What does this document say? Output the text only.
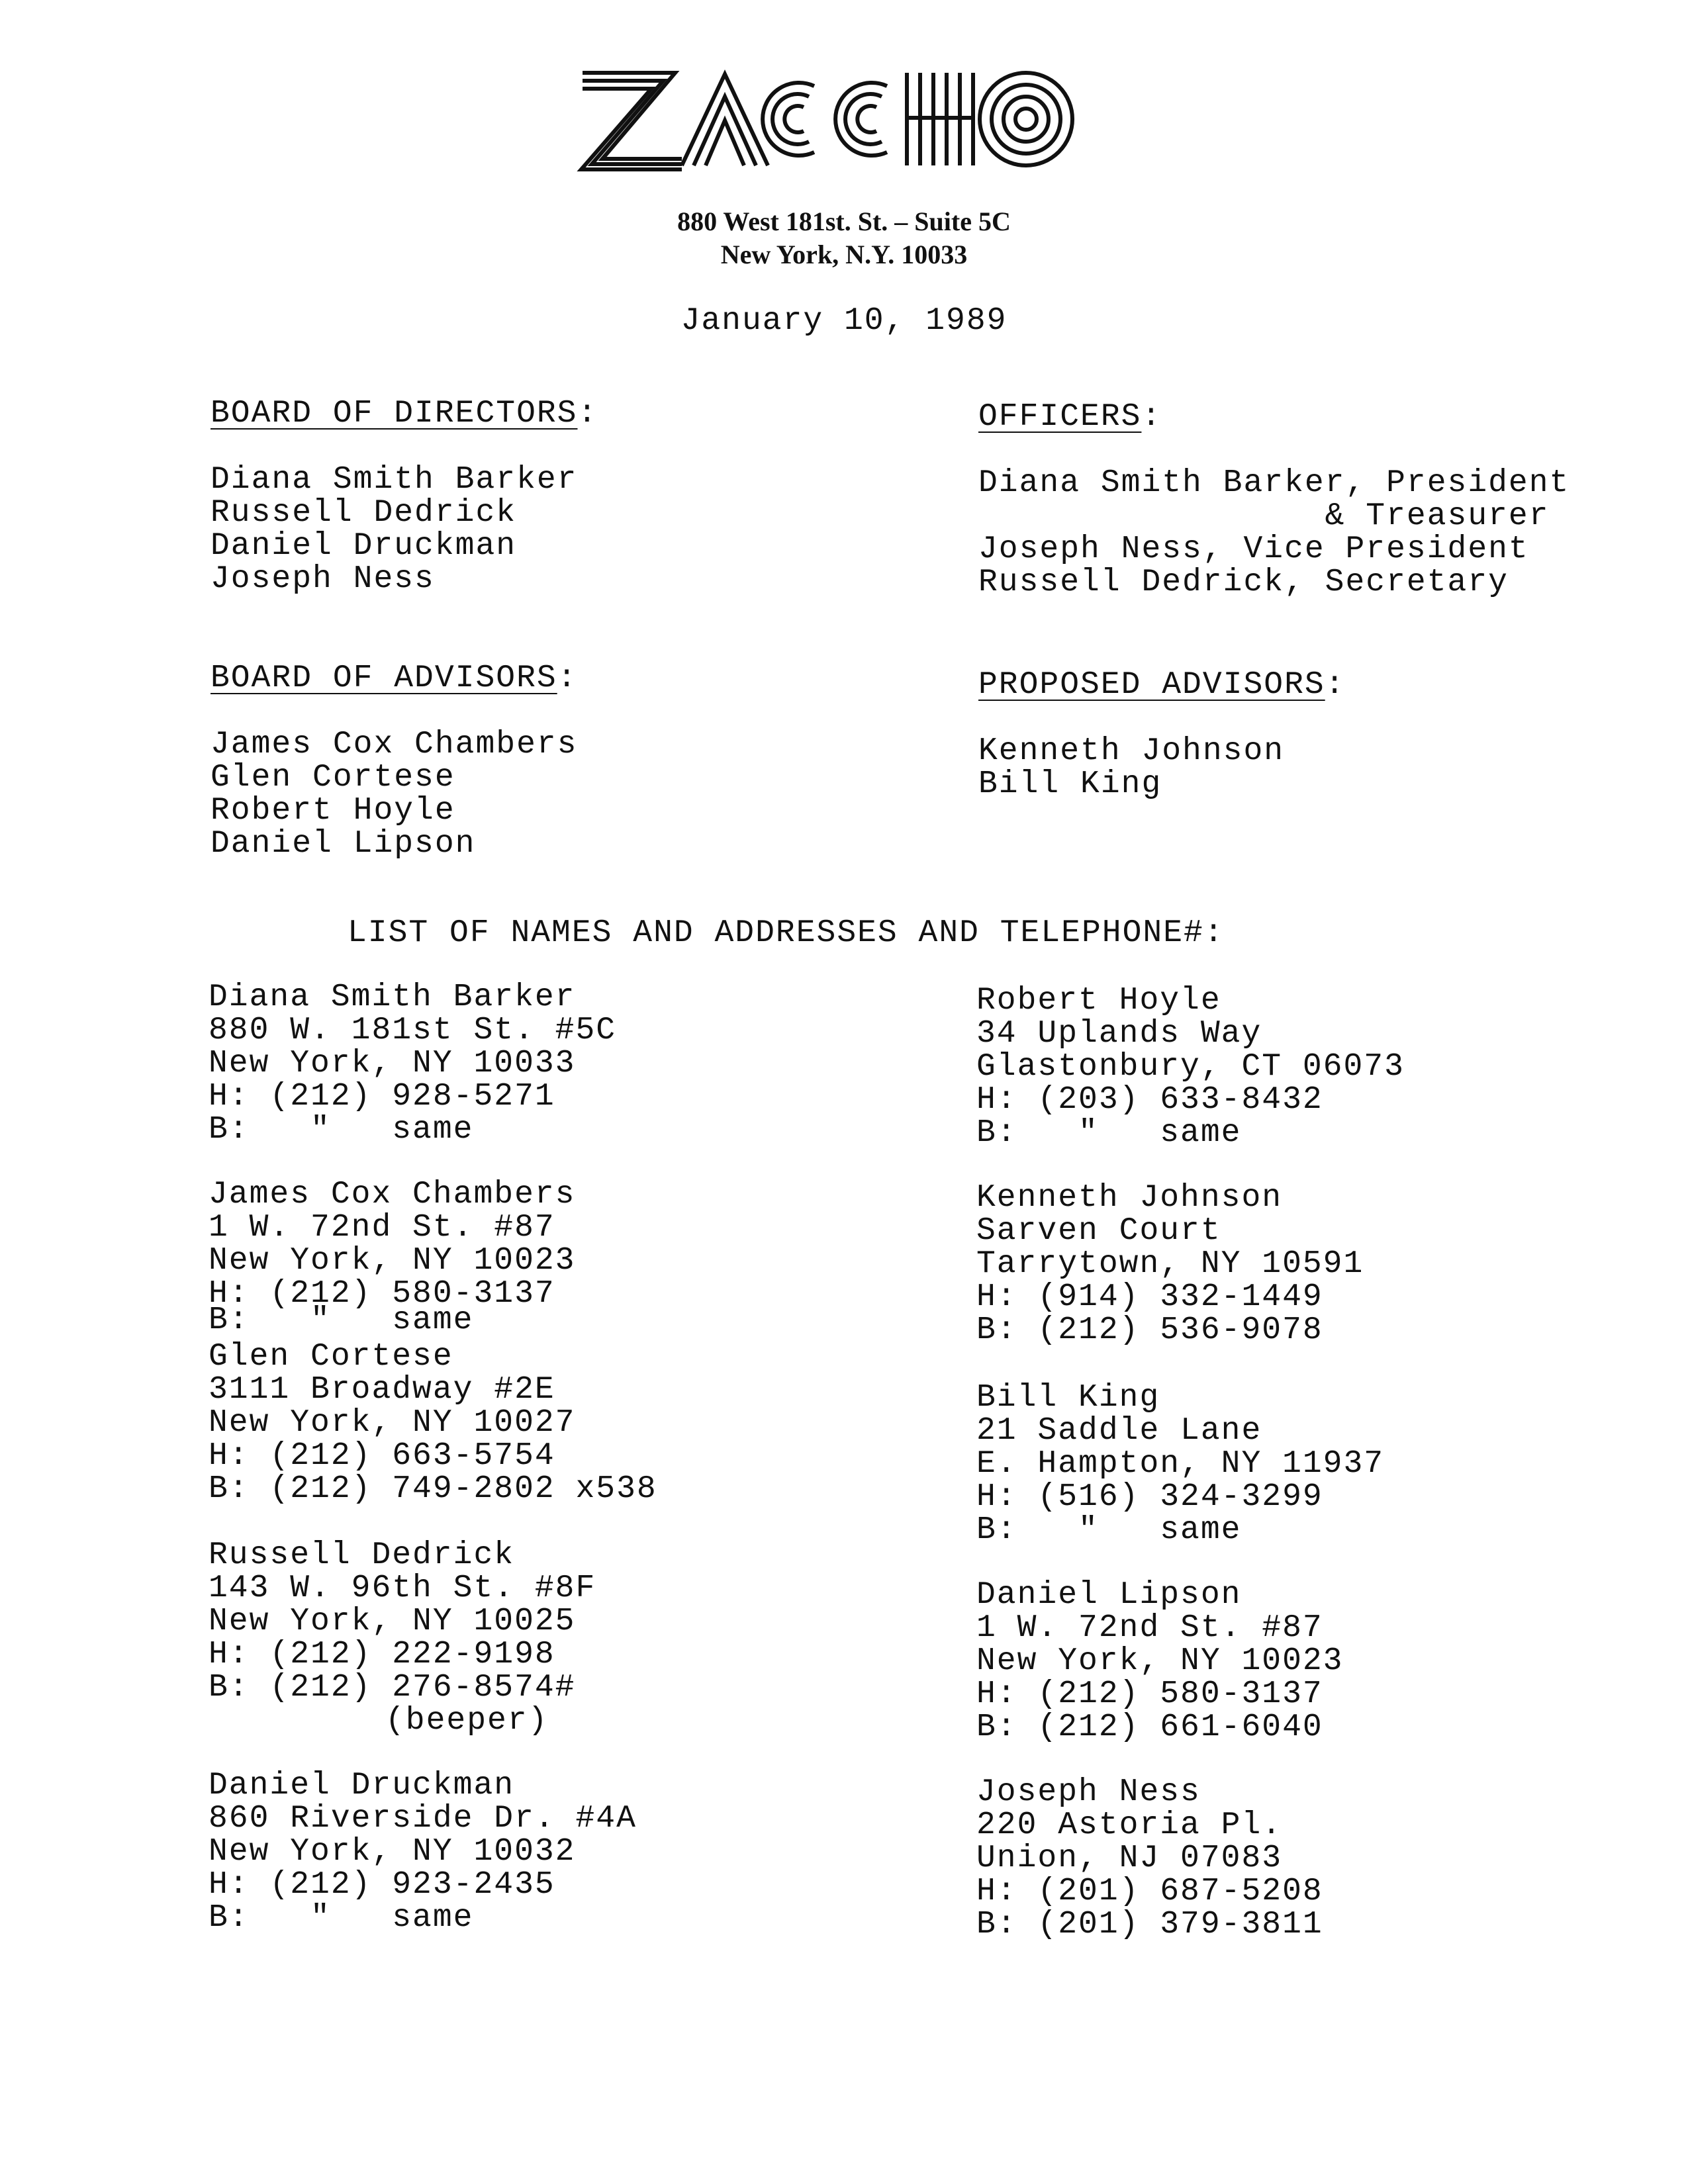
880 West 181st. St. – Suite 5C
New York, N.Y. 10033
January 10, 1989
BOARD OF DIRECTORS:
Diana Smith Barker
Russell Dedrick
Daniel Druckman
Joseph Ness
OFFICERS:
Diana Smith Barker, President
& Treasurer
Joseph Ness, Vice President
Russell Dedrick, Secretary
BOARD OF ADVISORS:
James Cox Chambers
Glen Cortese
Robert Hoyle
Daniel Lipson
PROPOSED ADVISORS:
Kenneth Johnson
Bill King
LIST OF NAMES AND ADDRESSES AND TELEPHONE#:
Diana Smith Barker
880 W. 181st St. #5C
New York, NY 10033
H: (212) 928-5271
B:   "   same
James Cox Chambers
1 W. 72nd St. #87
New York, NY 10023
H: (212) 580-3137
B:   "   same
Glen Cortese
3111 Broadway #2E
New York, NY 10027
H: (212) 663-5754
B: (212) 749-2802 x538
Russell Dedrick
143 W. 96th St. #8F
New York, NY 10025
H: (212) 222-9198
B: (212) 276-8574#
(beeper)
Daniel Druckman
860 Riverside Dr. #4A
New York, NY 10032
H: (212) 923-2435
B:   "   same
Robert Hoyle
34 Uplands Way
Glastonbury, CT 06073
H: (203) 633-8432
B:   "   same
Kenneth Johnson
Sarven Court
Tarrytown, NY 10591
H: (914) 332-1449
B: (212) 536-9078
Bill King
21 Saddle Lane
E. Hampton, NY 11937
H: (516) 324-3299
B:   "   same
Daniel Lipson
1 W. 72nd St. #87
New York, NY 10023
H: (212) 580-3137
B: (212) 661-6040
Joseph Ness
220 Astoria Pl.
Union, NJ 07083
H: (201) 687-5208
B: (201) 379-3811
